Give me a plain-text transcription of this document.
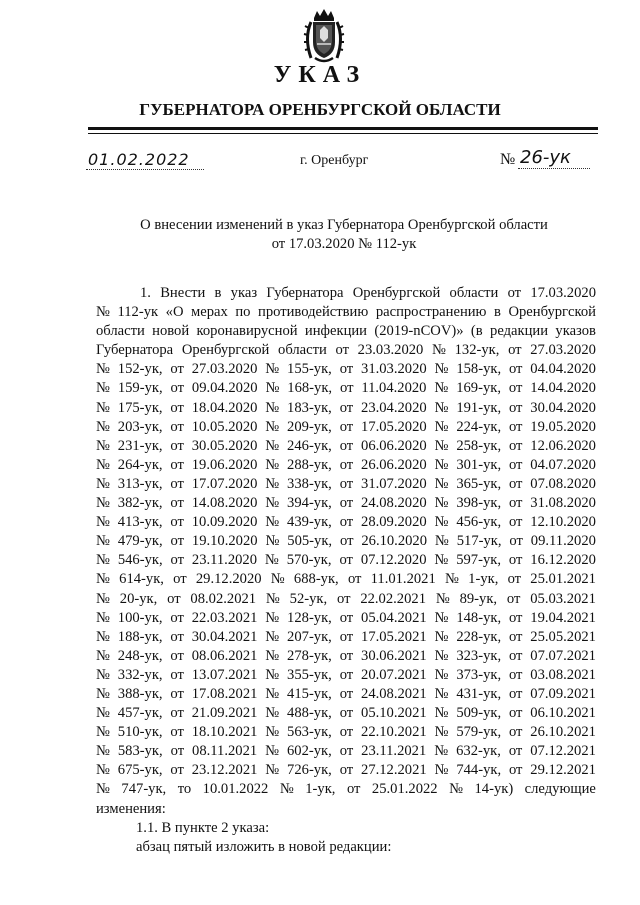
УКАЗ
ГУБЕРНАТОРА ОРЕНБУРГСКОЙ ОБЛАСТИ
01.02.2022	г. Оренбург	№ 26-ук
О внесении изменений в указ Губернатора Оренбургской области
от 17.03.2020 № 112-ук
1. Внести в указ Губернатора Оренбургской области от 17.03.2020
№ 112-ук «О мерах по противодействию распространению в Оренбургской
области новой коронавирусной инфекции (2019-nCOV)» (в редакции указов
Губернатора Оренбургской области от 23.03.2020 № 132-ук, от 27.03.2020
№ 152-ук, от 27.03.2020 № 155-ук, от 31.03.2020 № 158-ук, от 04.04.2020
№ 159-ук, от 09.04.2020 № 168-ук, от 11.04.2020 № 169-ук, от 14.04.2020
№ 175-ук, от 18.04.2020 № 183-ук, от 23.04.2020 № 191-ук, от 30.04.2020
№ 203-ук, от 10.05.2020 № 209-ук, от 17.05.2020 № 224-ук, от 19.05.2020
№ 231-ук, от 30.05.2020 № 246-ук, от 06.06.2020 № 258-ук, от 12.06.2020
№ 264-ук, от 19.06.2020 № 288-ук, от 26.06.2020 № 301-ук, от 04.07.2020
№ 313-ук, от 17.07.2020 № 338-ук, от 31.07.2020 № 365-ук, от 07.08.2020
№ 382-ук, от 14.08.2020 № 394-ук, от 24.08.2020 № 398-ук, от 31.08.2020
№ 413-ук, от 10.09.2020 № 439-ук, от 28.09.2020 № 456-ук, от 12.10.2020
№ 479-ук, от 19.10.2020 № 505-ук, от 26.10.2020 № 517-ук, от 09.11.2020
№ 546-ук, от 23.11.2020 № 570-ук, от 07.12.2020 № 597-ук, от 16.12.2020
№ 614-ук, от 29.12.2020 № 688-ук, от 11.01.2021 № 1-ук, от 25.01.2021
№ 20-ук, от 08.02.2021 № 52-ук, от 22.02.2021 № 89-ук, от 05.03.2021
№ 100-ук, от 22.03.2021 № 128-ук, от 05.04.2021 № 148-ук, от 19.04.2021
№ 188-ук, от 30.04.2021 № 207-ук, от 17.05.2021 № 228-ук, от 25.05.2021
№ 248-ук, от 08.06.2021 № 278-ук, от 30.06.2021 № 323-ук, от 07.07.2021
№ 332-ук, от 13.07.2021 № 355-ук, от 20.07.2021 № 373-ук, от 03.08.2021
№ 388-ук, от 17.08.2021 № 415-ук, от 24.08.2021 № 431-ук, от 07.09.2021
№ 457-ук, от 21.09.2021 № 488-ук, от 05.10.2021 № 509-ук, от 06.10.2021
№ 510-ук, от 18.10.2021 № 563-ук, от 22.10.2021 № 579-ук, от 26.10.2021
№ 583-ук, от 08.11.2021 № 602-ук, от 23.11.2021 № 632-ук, от 07.12.2021
№ 675-ук, от 23.12.2021 № 726-ук, от 27.12.2021 № 744-ук, от 29.12.2021
№ 747-ук, то 10.01.2022 № 1-ук, от 25.01.2022 № 14-ук) следующие
изменения:
1.1. В пункте 2 указа:
абзац пятый изложить в новой редакции:
